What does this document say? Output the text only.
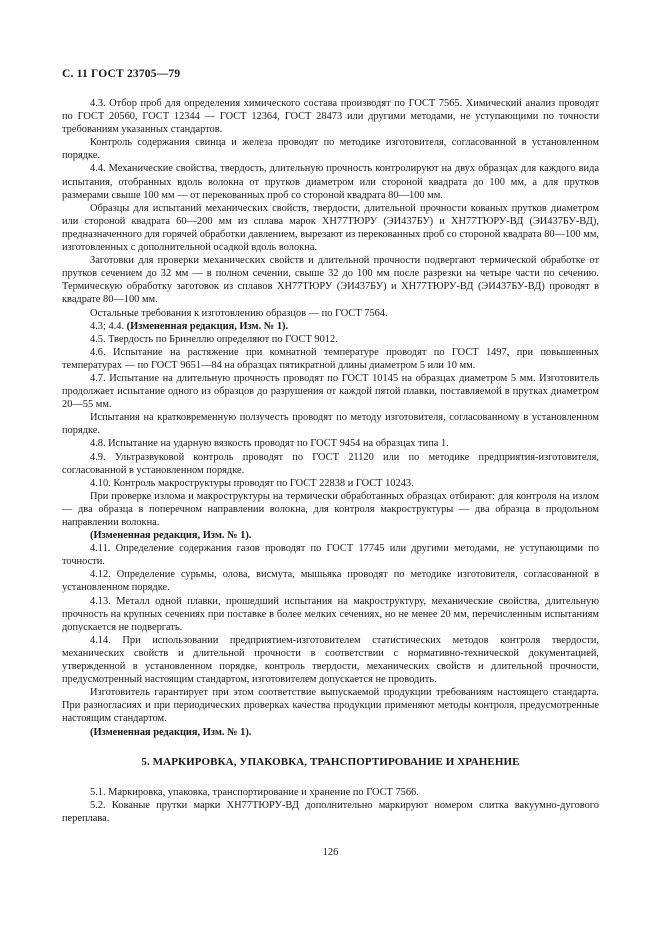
С. 11 ГОСТ 23705—79

4.3. Отбор проб для определения химического состава производят по ГОСТ 7565. Химический анализ проводят по ГОСТ 20560, ГОСТ 12344 — ГОСТ 12364, ГОСТ 28473 или другими методами, не уступающими по точности требованиям указанных стандартов.

Контроль содержания свинца и железа проводят по методике изготовителя, согласованной в установленном порядке.

4.4. Механические свойства, твердость, длительную прочность контролируют на двух образцах для каждого вида испытания, отобранных вдоль волокна от прутков диаметром или стороной квадрата до 100 мм, а для прутков размерами свыше 100 мм — от перекованных проб со стороной квадрата 80—100 мм.

Образцы для испытаний механических свойств, твердости, длительной прочности кованых прутков диаметром или стороной квадрата 60—200 мм из сплава марок ХН77ТЮРУ (ЭИ437БУ) и ХН77ТЮРУ-ВД (ЭИ437БУ-ВД), предназначенного для горячей обработки давлением, вырезают из перекованных проб со стороной квадрата 80—100 мм, изготовленных с дополнительной осадкой вдоль волокна.

Заготовки для проверки механических свойств и длительной прочности подвергают термической обработке от прутков сечением до 32 мм — в полном сечении, свыше 32 до 100 мм после разрезки на четыре части по сечению. Термическую обработку заготовок из сплавов ХН77ТЮРУ (ЭИ437БУ) и ХН77ТЮРУ-ВД (ЭИ437БУ-ВД) проводят в квадрате 80—100 мм.

Остальные требования к изготовлению образцов — по ГОСТ 7564.

4.3; 4.4. (Измененная редакция, Изм. № 1).

4.5. Твердость по Бринеллю определяют по ГОСТ 9012.

4.6. Испытание на растяжение при комнатной температуре проводят по ГОСТ 1497, при повышенных температурах — по ГОСТ 9651—84 на образцах пятикратной длины диаметром 5 или 10 мм.

4.7. Испытание на длительную прочность проводят по ГОСТ 10145 на образцах диаметром 5 мм. Изготовитель продолжает испытание одного из образцов до разрушения от каждой пятой плавки, поставляемой в прутках диаметром 20—55 мм.

Испытания на кратковременную ползучесть проводят по методу изготовителя, согласованному в установленном порядке.

4.8. Испытание на ударную вязкость проводят по ГОСТ 9454 на образцах типа 1.

4.9. Ультразвуковой контроль проводят по ГОСТ 21120 или по методике предприятия-изготовителя, согласованной в установленном порядке.

4.10. Контроль макроструктуры проводят по ГОСТ 22838 и ГОСТ 10243.

При проверке излома и макроструктуры на термически обработанных образцах отбирают: для контроля на излом — два образца в поперечном направлении волокна, для контроля макроструктуры — два образца в продольном направлении волокна.

(Измененная редакция, Изм. № 1).

4.11. Определение содержания газов проводят по ГОСТ 17745 или другими методами, не уступающими по точности.

4.12. Определение сурьмы, олова, висмута, мышьяка проводят по методике изготовителя, согласованной в установленном порядке.

4.13. Металл одной плавки, прошедший испытания на макроструктуру, механические свойства, длительную прочность на крупных сечениях при поставке в более мелких сечениях, но не менее 20 мм, перечисленным испытаниям допускается не подвергать.

4.14. При использовании предприятием-изготовителем статистических методов контроля твердости, механических свойств и длительной прочности в соответствии с нормативно-технической документацией, утвержденной в установленном порядке, контроль твердости, механических свойств и длительной прочности, предусмотренный настоящим стандартом, изготовителем допускается не проводить.

Изготовитель гарантирует при этом соответствие выпускаемой продукции требованиям настоящего стандарта. При разногласиях и при периодических проверках качества продукции применяют методы контроля, предусмотренные настоящим стандартом.

(Измененная редакция, Изм. № 1).

5. МАРКИРОВКА, УПАКОВКА, ТРАНСПОРТИРОВАНИЕ И ХРАНЕНИЕ

5.1. Маркировка, упаковка, транспортирование и хранение по ГОСТ 7566.

5.2. Кованые прутки марки ХН77ТЮРУ-ВД дополнительно маркируют номером слитка вакуумно-дугового переплава.

126
